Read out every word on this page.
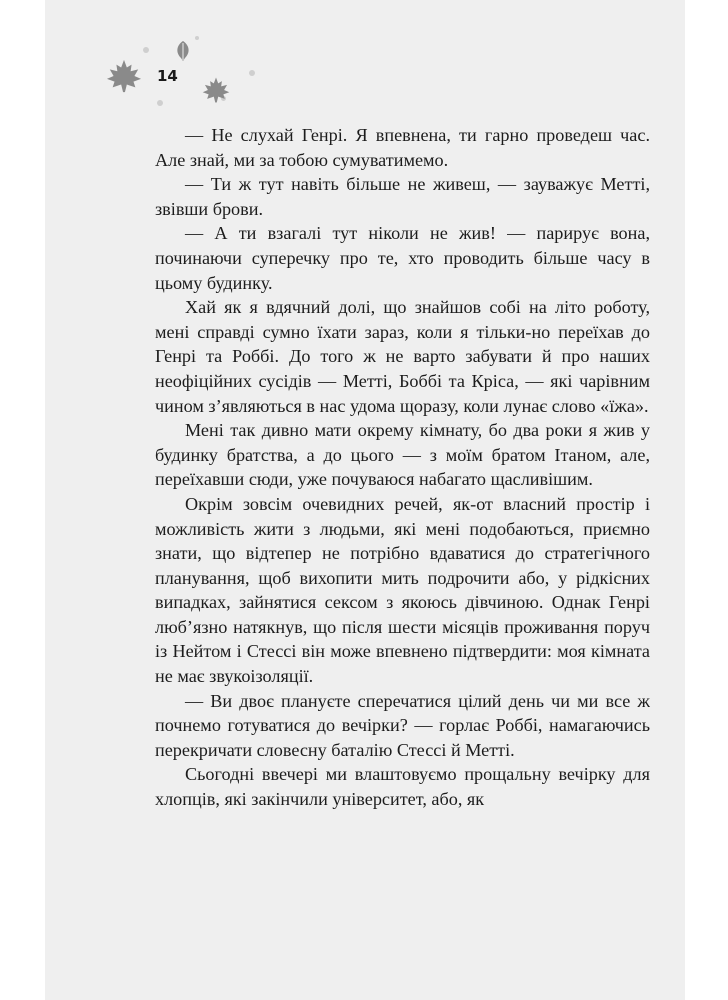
14

— Не слухай Генрі. Я впевнена, ти гарно проведеш час. Але знай, ми за тобою сумуватимемо.

— Ти ж тут навіть більше не живеш, — зауважує Метті, звівши брови.

— А ти взагалі тут ніколи не жив! — парирує вона, починаючи суперечку про те, хто проводить більше часу в цьому будинку.

Хай як я вдячний долі, що знайшов собі на літо роботу, мені справді сумно їхати зараз, коли я тільки-но переїхав до Генрі та Роббі. До того ж не варто забувати й про наших неофіційних сусідів — Метті, Боббі та Кріса, — які чарівним чином з’являються в нас удома щоразу, коли лунає слово «їжа».

Мені так дивно мати окрему кімнату, бо два роки я жив у будинку братства, а до цього — з моїм братом Ітаном, але, переїхавши сюди, уже почуваюся набагато щасливішим.

Окрім зовсім очевидних речей, як-от власний простір і можливість жити з людьми, які мені подобаються, приємно знати, що відтепер не потрібно вдаватися до стратегічного планування, щоб вихопити мить подрочити або, у рідкісних випадках, зайнятися сексом з якоюсь дівчиною. Однак Генрі люб’язно натякнув, що після шести місяців проживання поруч із Нейтом і Стессі він може впевнено підтвердити: моя кімната не має звукоізоляції.

— Ви двоє плануєте сперечатися цілий день чи ми все ж почнемо готуватися до вечірки? — горлає Роббі, намагаючись перекричати словесну баталію Стессі й Метті.

Сьогодні ввечері ми влаштовуємо прощальну вечірку для хлопців, які закінчили університет, або, як
